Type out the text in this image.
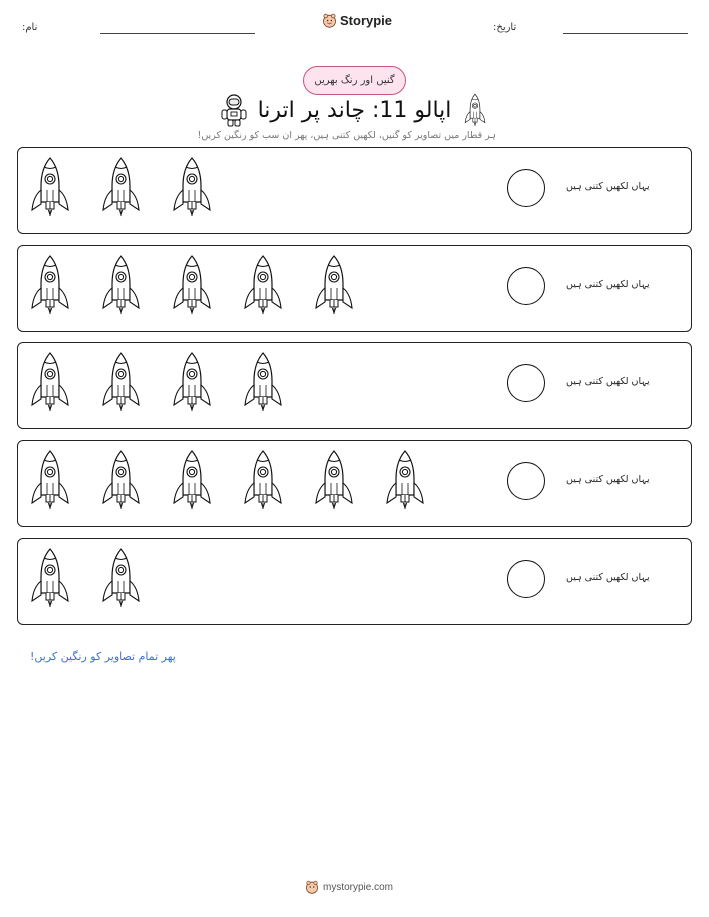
نام:	Storypie	تاریخ:
گنیں اور رنگ بھریں
اپالو 11: چاند پر اترنا
ہر قطار میں تصاویر کو گنیں، لکھیں کتنی ہیں، پھر ان سب کو رنگین کریں!
یہاں لکھیں کتنی ہیں
یہاں لکھیں کتنی ہیں
یہاں لکھیں کتنی ہیں
یہاں لکھیں کتنی ہیں
یہاں لکھیں کتنی ہیں
پھر تمام تصاویر کو رنگین کریں!
mystorypie.com
